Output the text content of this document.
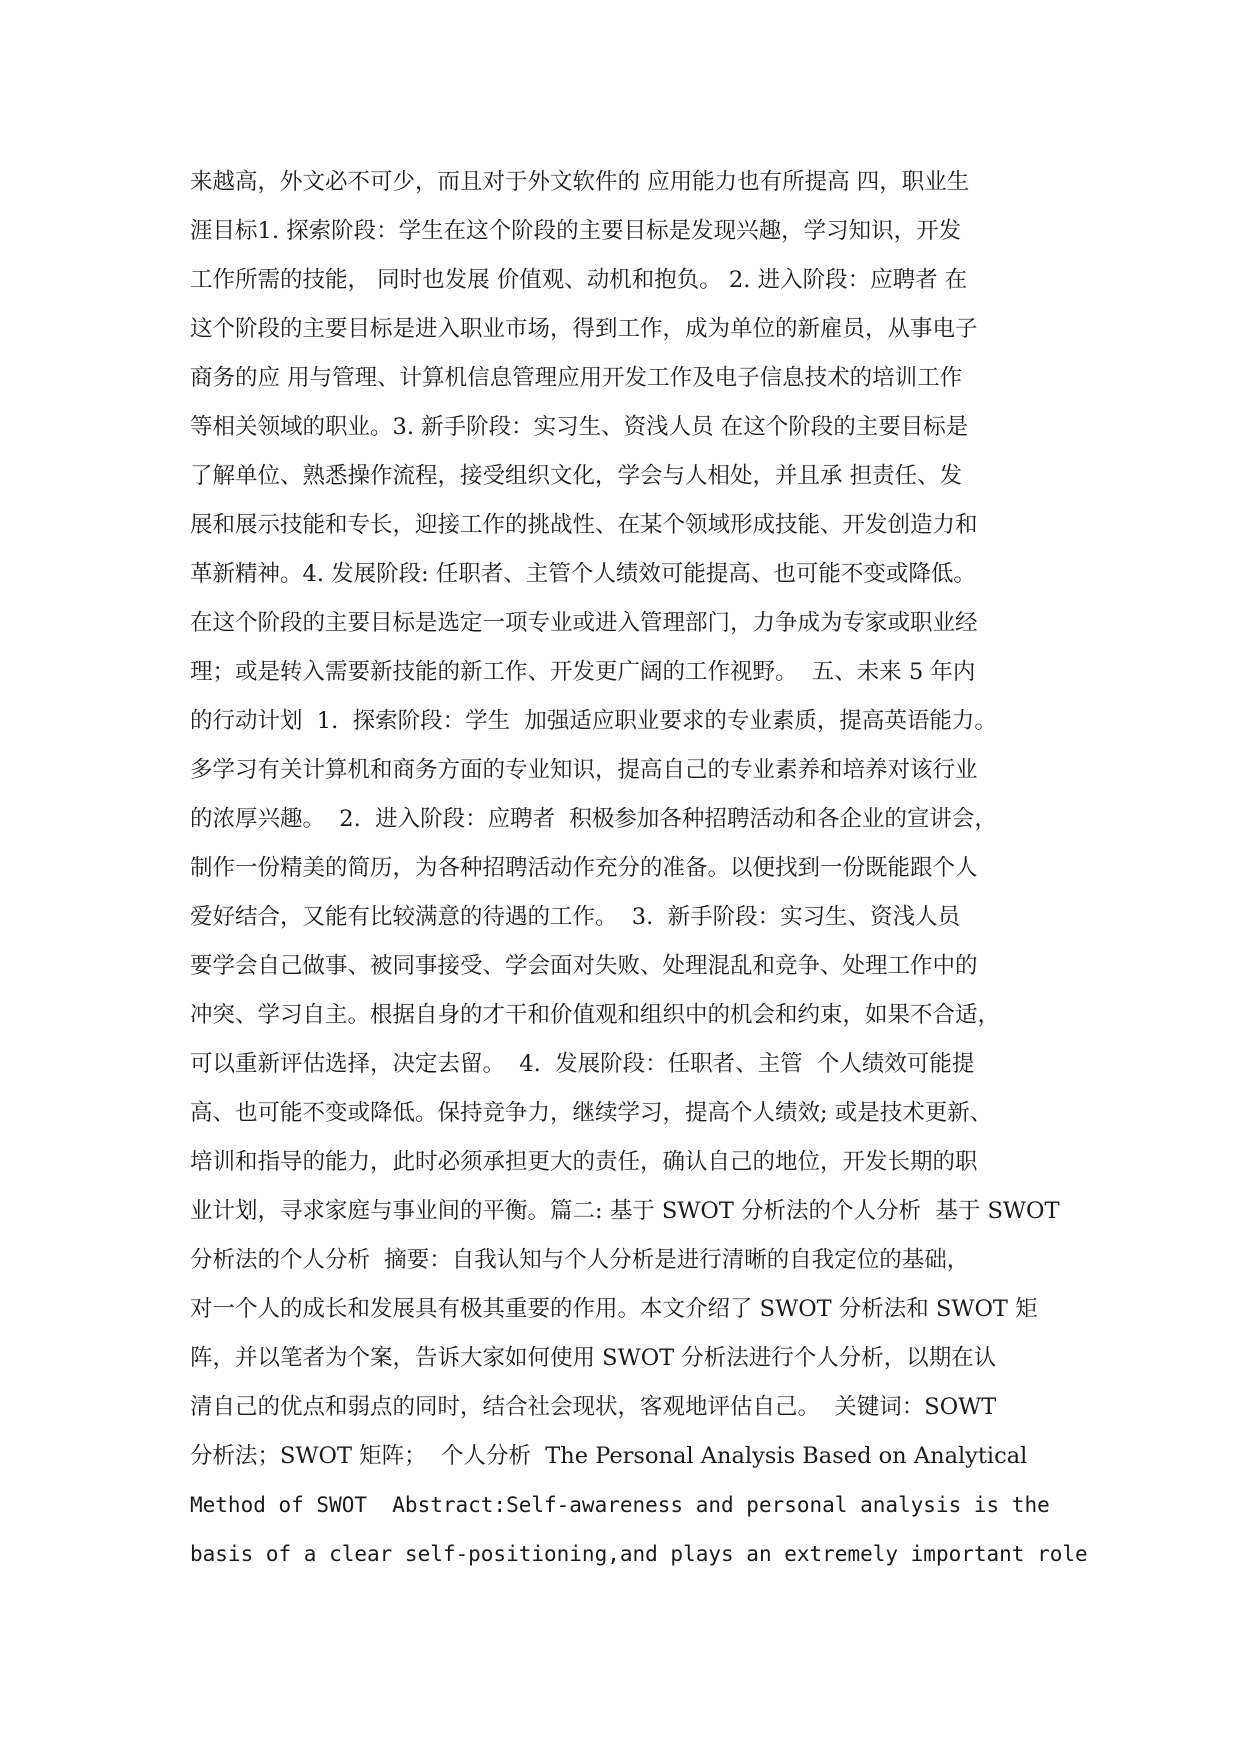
来越高，外文必不可少，而且对于外文软件的 应用能力也有所提高 四，职业生
涯目标1. 探索阶段：学生在这个阶段的主要目标是发现兴趣，学习知识，开发
工作所需的技能， 同时也发展 价值观、动机和抱负。 2. 进入阶段：应聘者 在
这个阶段的主要目标是进入职业市场，得到工作，成为单位的新雇员，从事电子
商务的应 用与管理、计算机信息管理应用开发工作及电子信息技术的培训工作
等相关领域的职业。3. 新手阶段：实习生、资浅人员 在这个阶段的主要目标是
了解单位、熟悉操作流程，接受组织文化，学会与人相处，并且承 担责任、发
展和展示技能和专长，迎接工作的挑战性、在某个领域形成技能、开发创造力和
革新精神。4. 发展阶段: 任职者、主管个人绩效可能提高、也可能不变或降低。
在这个阶段的主要目标是选定一项专业或进入管理部门，力争成为专家或职业经
理；或是转入需要新技能的新工作、开发更广阔的工作视野。  五、未来 5 年内
的行动计划  1.  探索阶段：学生  加强适应职业要求的专业素质，提高英语能力。
多学习有关计算机和商务方面的专业知识，提高自己的专业素养和培养对该行业
的浓厚兴趣。  2.  进入阶段：应聘者  积极参加各种招聘活动和各企业的宣讲会，
制作一份精美的简历，为各种招聘活动作充分的准备。以便找到一份既能跟个人
爱好结合，又能有比较满意的待遇的工作。  3.  新手阶段：实习生、资浅人员
要学会自己做事、被同事接受、学会面对失败、处理混乱和竞争、处理工作中的
冲突、学习自主。根据自身的才干和价值观和组织中的机会和约束，如果不合适，
可以重新评估选择，决定去留。  4.  发展阶段：任职者、主管  个人绩效可能提
高、也可能不变或降低。保持竞争力，继续学习，提高个人绩效; 或是技术更新、
培训和指导的能力，此时必须承担更大的责任，确认自己的地位，开发长期的职
业计划，寻求家庭与事业间的平衡。篇二: 基于 SWOT 分析法的个人分析  基于 SWOT
分析法的个人分析  摘要：自我认知与个人分析是进行清晰的自我定位的基础，
对一个人的成长和发展具有极其重要的作用。本文介绍了 SWOT 分析法和 SWOT 矩
阵，并以笔者为个案，告诉大家如何使用 SWOT 分析法进行个人分析，以期在认
清自己的优点和弱点的同时，结合社会现状，客观地评估自己。  关键词：SOWT
分析法；SWOT 矩阵；  个人分析  The Personal Analysis Based on Analytical
Method of SWOT  Abstract:Self-awareness and personal analysis is the
basis of a clear self-positioning,and plays an extremely important role
